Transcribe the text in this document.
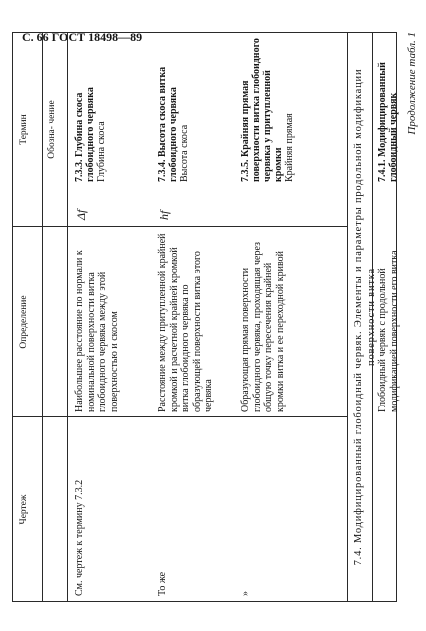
С. 66 ГОСТ 18498—89	Продолжение табл. 1
Чертеж
Определение
Термин Обозна- чение
См. чертеж к термину 7.3.2
Наибольшее расстояние по нормали к номинальной поверхности витка глобоидного червяка между этой поверхностью и скосом
Δf
7.3.3. Глубина скоса глобоидного червяка Глубина скоса
То же
Расстояние между притупленной крайней кромкой и расчетной крайней кромкой витка глобоидного червяка по образующей поверхности витка этого червяка
hf
7.3.4. Высота скоса витка глобоидного червяка Высота скоса
»
Образующая прямая поверхности глобоидного червяка, проходящая через общую точку пересечения крайней кромки витка и ее переходной кривой
7.3.5. Крайняя прямая поверхности витка глобоидного червяка у притупленной кромки Крайняя прямая	7.4. Модифицированный глобоидный червяк. Элементы и параметры продольной модификации поверхности витка Глобоидный червяк с продольной модификацией поверхности его витка
7.4.1. Модифицированный глобоидный червяк
